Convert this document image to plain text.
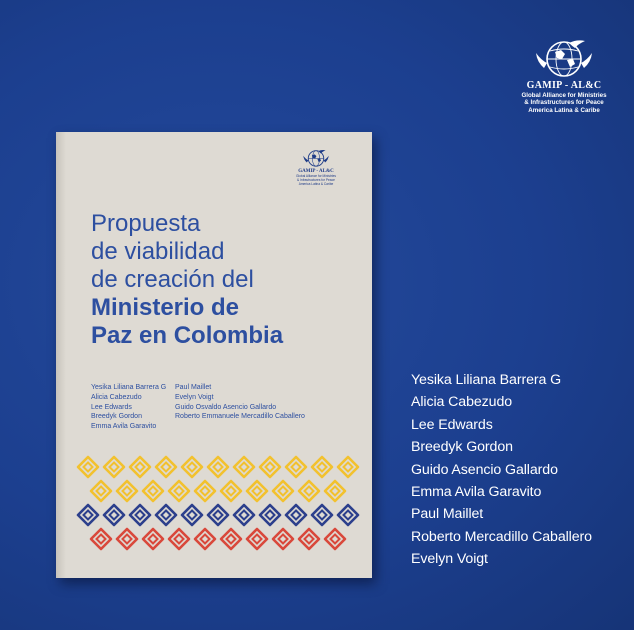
GAMIP - AL&C
Global Alliance for Ministries
& Infrastructures for Peace
America Latina & Caribe
GAMIP - AL&C
Global Alliance for Ministries
& Infrastructures for Peace
America Latina & Caribe
Propuesta
de viabilidad
de creación del
Ministerio de
Paz en Colombia
Yesika Liliana Barrera G
Alicia Cabezudo
Lee Edwards
Breedyk Gordon
Emma Avila Garavito
Paul Maillet
Evelyn Voigt
Guido Osvaldo Asencio Gallardo
Roberto Emmanuele Mercadillo Caballero
Yesika Liliana Barrera G
Alicia Cabezudo
Lee Edwards
Breedyk Gordon
Guido Asencio Gallardo
Emma Avila Garavito
Paul Maillet
Roberto Mercadillo Caballero
Evelyn Voigt
